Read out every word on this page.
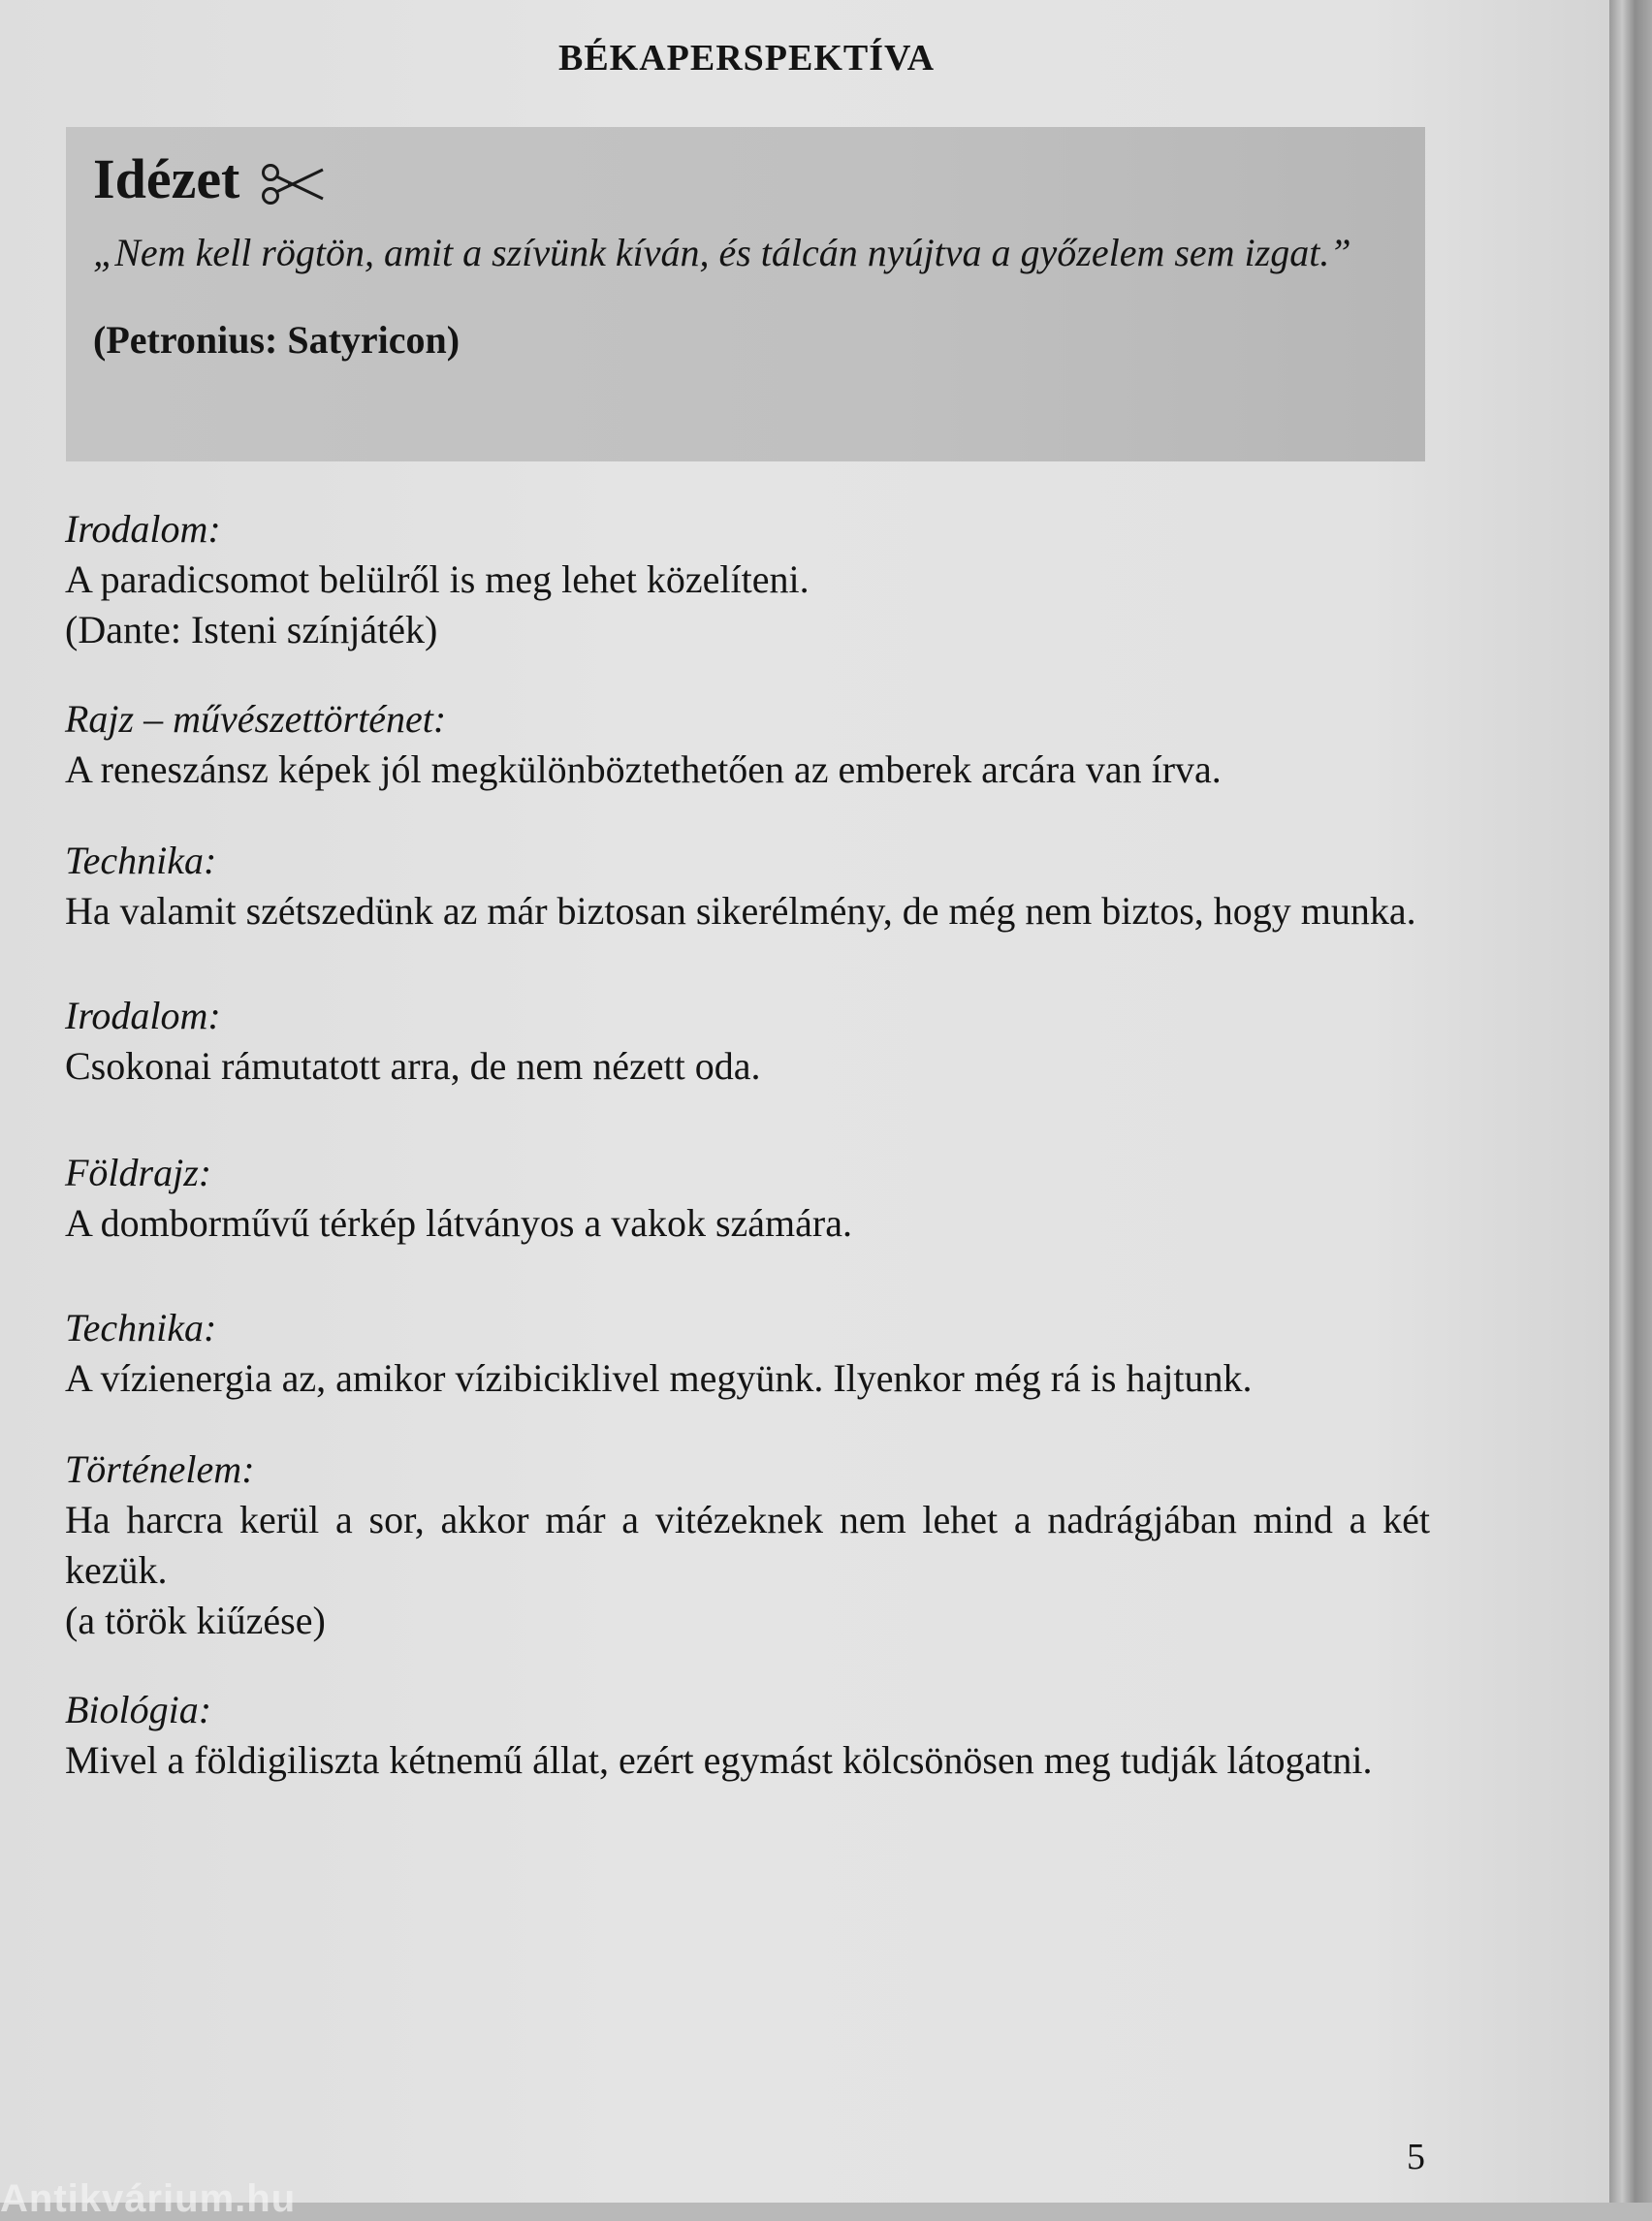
BÉKAPERSPEKTÍVA
Idézet
„Nem kell rögtön, amit a szívünk kíván, és tálcán nyújtva a győzelem sem izgat.”
(Petronius: Satyricon)
Irodalom:
A paradicsomot belülről is meg lehet közelíteni.
(Dante: Isteni színjáték)
Rajz – művészettörténet:
A reneszánsz képek jól megkülönböztethetően az emberek arcára van írva.
Technika:
Ha valamit szétszedünk az már biztosan sikerélmény, de még nem biztos, hogy munka.
Irodalom:
Csokonai rámutatott arra, de nem nézett oda.
Földrajz:
A domborművű térkép látványos a vakok számára.
Technika:
A vízienergia az, amikor vízibiciklivel megyünk. Ilyenkor még rá is hajtunk.
Történelem:
Ha harcra kerül a sor, akkor már a vitézeknek nem lehet a nadrágjában mind a két kezük.
(a török kiűzése)
Biológia:
Mivel a földigiliszta kétnemű állat, ezért egymást kölcsönösen meg tudják látogatni.
5
Antikvárium.hu
